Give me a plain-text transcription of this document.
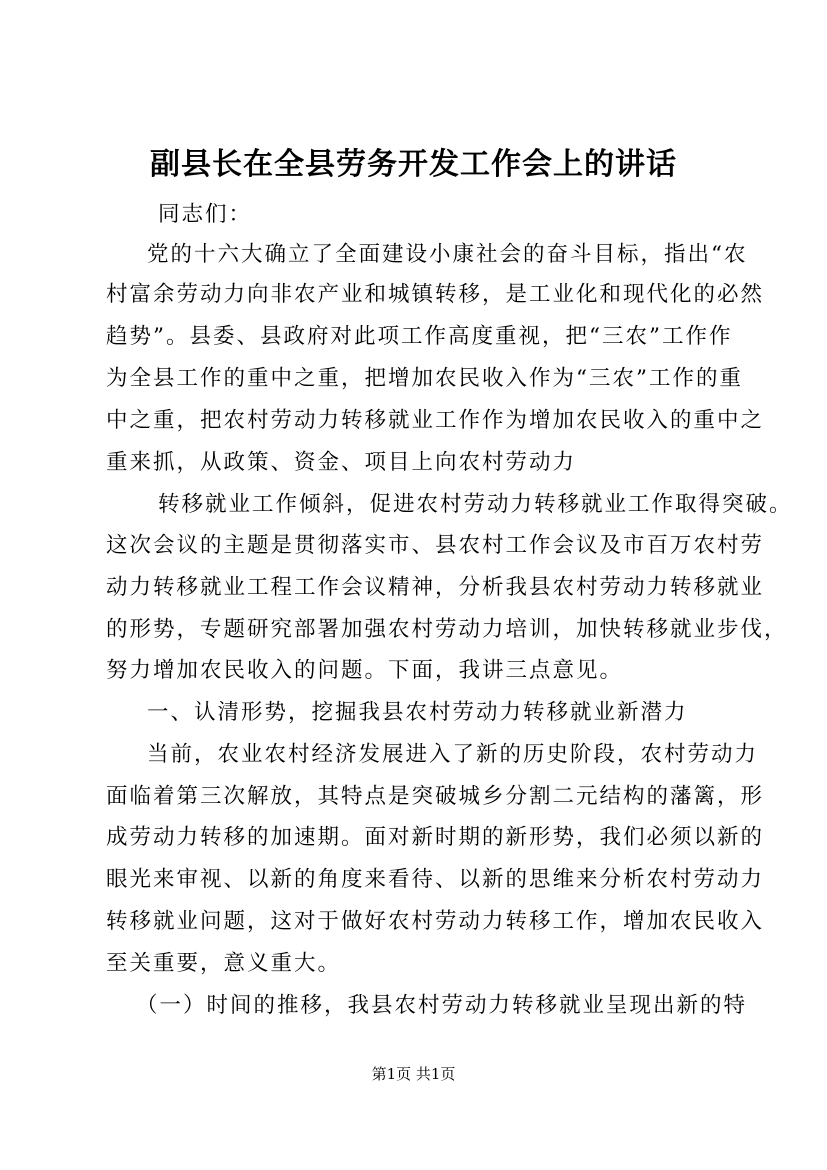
副县长在全县劳务开发工作会上的讲话
同志们：
党的十六大确立了全面建设小康社会的奋斗目标，指出“农
村富余劳动力向非农产业和城镇转移，是工业化和现代化的必然
趋势”。县委、县政府对此项工作高度重视，把“三农”工作作
为全县工作的重中之重，把增加农民收入作为“三农”工作的重
中之重，把农村劳动力转移就业工作作为增加农民收入的重中之
重来抓，从政策、资金、项目上向农村劳动力
转移就业工作倾斜，促进农村劳动力转移就业工作取得突破。
这次会议的主题是贯彻落实市、县农村工作会议及市百万农村劳
动力转移就业工程工作会议精神，分析我县农村劳动力转移就业
的形势，专题研究部署加强农村劳动力培训，加快转移就业步伐，
努力增加农民收入的问题。下面，我讲三点意见。
一、认清形势，挖掘我县农村劳动力转移就业新潜力
当前，农业农村经济发展进入了新的历史阶段，农村劳动力
面临着第三次解放，其特点是突破城乡分割二元结构的藩篱，形
成劳动力转移的加速期。面对新时期的新形势，我们必须以新的
眼光来审视、以新的角度来看待、以新的思维来分析农村劳动力
转移就业问题，这对于做好农村劳动力转移工作，增加农民收入
至关重要，意义重大。
（一）时间的推移，我县农村劳动力转移就业呈现出新的特
第1页 共1页
